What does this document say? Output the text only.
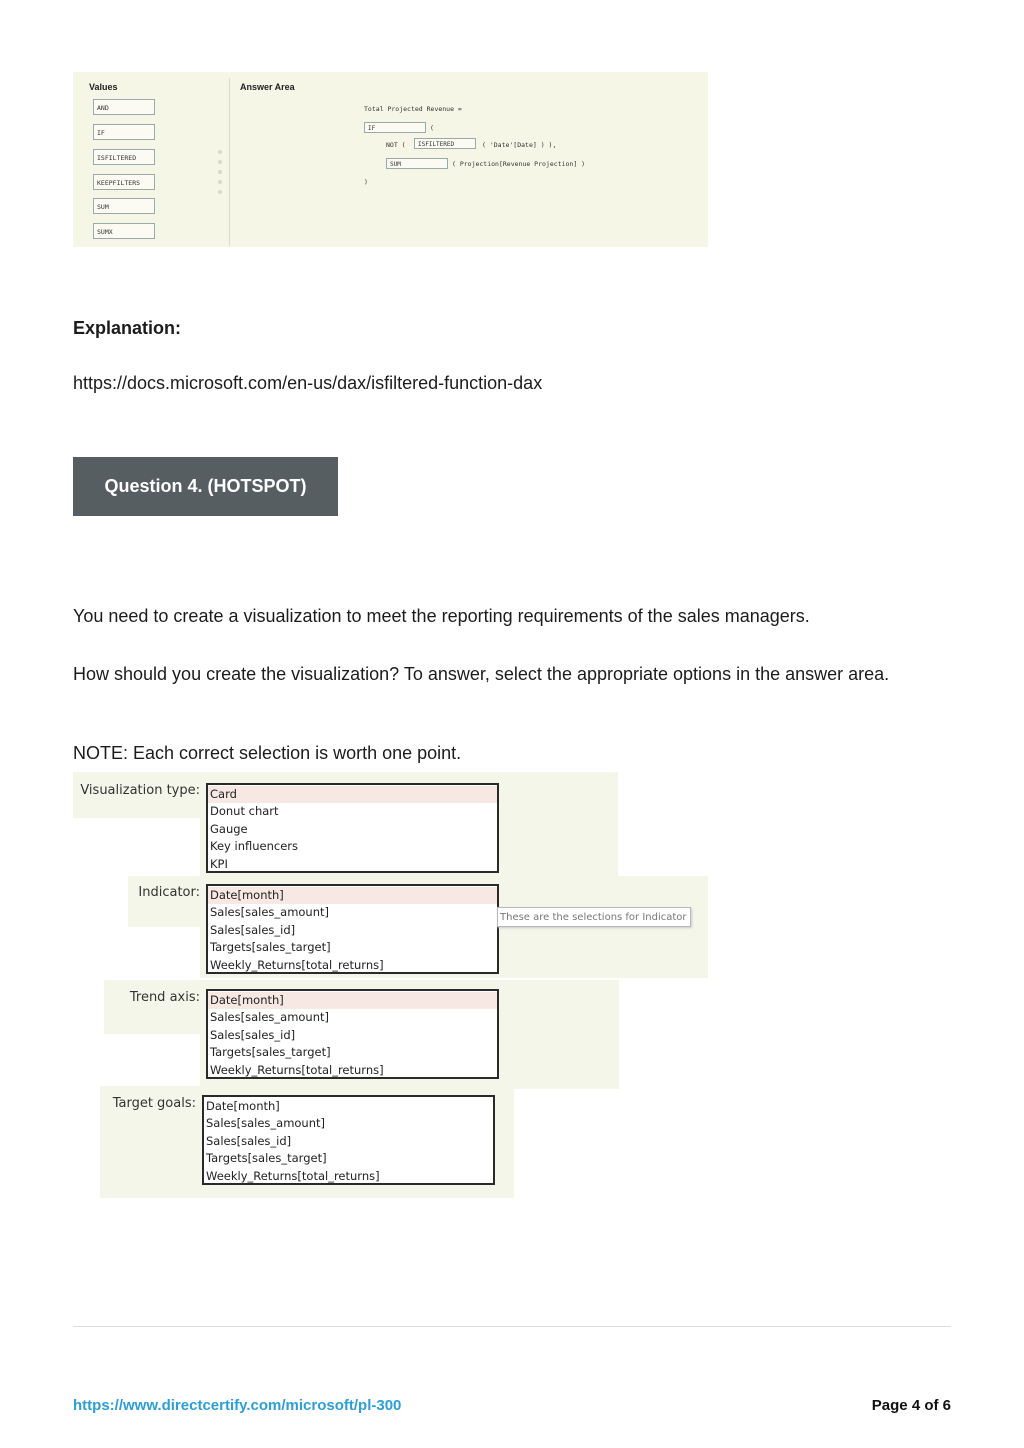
Values	Answer Area
AND
IF
ISFILTERED
KEEPFILTERS
SUM
SUMX
Total Projected Revenue =
IF	(
NOT (	ISFILTERED	( 'Date'[Date] ) ),
SUM	( Projection[Revenue Projection] )
)
Explanation:
https://docs.microsoft.com/en-us/dax/isfiltered-function-dax
Question 4. (HOTSPOT)
You need to create a visualization to meet the reporting requirements of the sales managers.
How should you create the visualization? To answer, select the appropriate options in the answer area.
NOTE: Each correct selection is worth one point.
Visualization type: Card
Donut chart
Gauge
Key influencers
KPI
Indicator: Date[month]
Sales[sales_amount]
Sales[sales_id]
Targets[sales_target]
Weekly_Returns[total_returns]
These are the selections for Indicator
Trend axis: Date[month]
Sales[sales_amount]
Sales[sales_id]
Targets[sales_target]
Weekly_Returns[total_returns]
Target goals: Date[month]
Sales[sales_amount]
Sales[sales_id]
Targets[sales_target]
Weekly_Returns[total_returns]
https://www.directcertify.com/microsoft/pl-300	Page 4 of 6
